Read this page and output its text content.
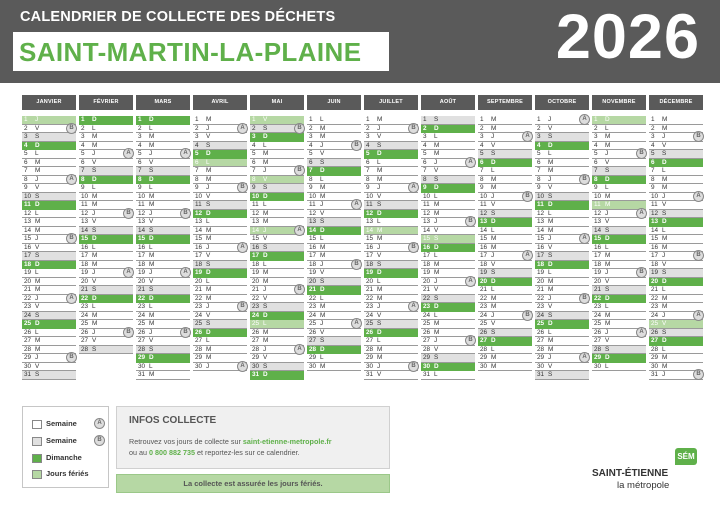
CALENDRIER DE COLLECTE DES DÉCHETS
SAINT-MARTIN-LA-PLAINE	2026
JANVIER
1 J
2 V	B
3 S
4 D
5 L
6 M
7 M
8 J	A
9 V
10 S
11 D
12 L
13 M
14 M
15 J	B
16 V
17 S
18 D
19 L
20 M
21 M
22 J	A
23 V
24 S
25 D
26 L
27 M
28 M
29 J	B
30 V
31 S
FÉVRIER
1 D
2 L
3 M
4 M
5 J	A
6 V
7 S
8 D
9 L
10 M
11 M
12 J	B
13 V
14 S
15 D
16 L
17 M
18 M
19 J	A
20 V
21 S
22 D
23 L
24 M
25 M
26 J	B
27 V
28 S
MARS
1 D
2 L
3 M
4 M
5 J	A
6 V
7 S
8 D
9 L
10 M
11 M
12 J	B
13 V
14 S
15 D
16 L
17 M
18 M
19 J	A
20 V
21 S
22 D
23 L
24 M
25 M
26 J	B
27 V
28 S
29 D
30 L
31 M
AVRIL
1 M
2 J	A
3 V
4 S
5 D
6 L
7 M
8 M
9 J	B
10 V
11 S
12 D
13 L
14 M
15 M
16 J	A
17 V
18 S
19 D
20 L
21 M
22 M
23 J	B
24 V
25 S
26 D
27 L
28 M
29 M
30 J	A
MAI
1 V
2 S	B
3 D
4 L
5 M
6 M
7 J	B
8 V
9 S
10 D
11 L
12 M
13 M
14 J	A
15 V
16 S
17 D
18 L
19 M
20 M
21 J	B
22 V
23 S
24 D
25 L
26 M
27 M
28 J	A
29 V
30 S
31 D
JUIN
1 L
2 M
3 M
4 J	B
5 V
6 S
7 D
8 L
9 M
10 M
11 J	A
12 V
13 S
14 D
15 L
16 M
17 M
18 J	B
19 V
20 S
21 D
22 L
23 M
24 M
25 J	A
26 V
27 S
28 D
29 L
30 M
JUILLET
1 M
2 J	B
3 V
4 S
5 D
6 L
7 M
8 M
9 J	A
10 V
11 S
12 D
13 L
14 M
15 M
16 J	B
17 V
18 S
19 D
20 L
21 M
22 M
23 J	A
24 V
25 S
26 D
27 L
28 M
29 M
30 J	B
31 V
AOÛT
1 S
2 D
3 L
4 M
5 M
6 J	A
7 V
8 S
9 D
10 L
11 M
12 M
13 J	B
14 V
15 S
16 D
17 L
18 M
19 M
20 J	A
21 V
22 S
23 D
24 L
25 M
26 M
27 J	B
28 V
29 S
30 D
31 L
SEPTEMBRE
1 M
2 M
3 J	A
4 V
5 S
6 D
7 L
8 M
9 M
10 J	B
11 V
12 S
13 D
14 L
15 M
16 M
17 J	A
18 V
19 S
20 D
21 L
22 M
23 M
24 J	B
25 V
26 S
27 D
28 L
29 M
30 M
OCTOBRE
1 J	A
2 V
3 S
4 D
5 L
6 M
7 M
8 J	B
9 V
10 S
11 D
12 L
13 M
14 M
15 J	A
16 V
17 S
18 D
19 L
20 M
21 M
22 J	B
23 V
24 S
25 D
26 L
27 M
28 M
29 J	A
30 V
31 S
NOVEMBRE
1 D
2 L
3 M
4 M
5 J	B
6 V
7 S
8 D
9 L
10 M
11 M
12 J	A
13 V
14 S
15 D
16 L
17 M
18 M
19 J	B
20 V
21 S
22 D
23 L
24 M
25 M
26 J	A
27 V
28 S
29 D
30 L
DÉCEMBRE
1 M
2 M
3 J	B
4 V
5 S
6 D
7 L
8 M
9 M
10 J	A
11 V
12 S
13 D
14 L
15 M
16 M
17 J	B
18 V
19 S
20 D
21 L
22 M
23 M
24 J	A
25 V
26 S
27 D
28 L
29 M
30 M
31 J	B
Semaine	A
Semaine	B
Dimanche
Jours fériés
INFOS COLLECTE
Retrouvez vos jours de collecte sur saint-etienne-metropole.fr
ou au 0 800 882 735 et reportez-les sur ce calendrier.
La collecte est assurée les jours fériés.
SÉM
SAINT-ÉTIENNE
la métropole
